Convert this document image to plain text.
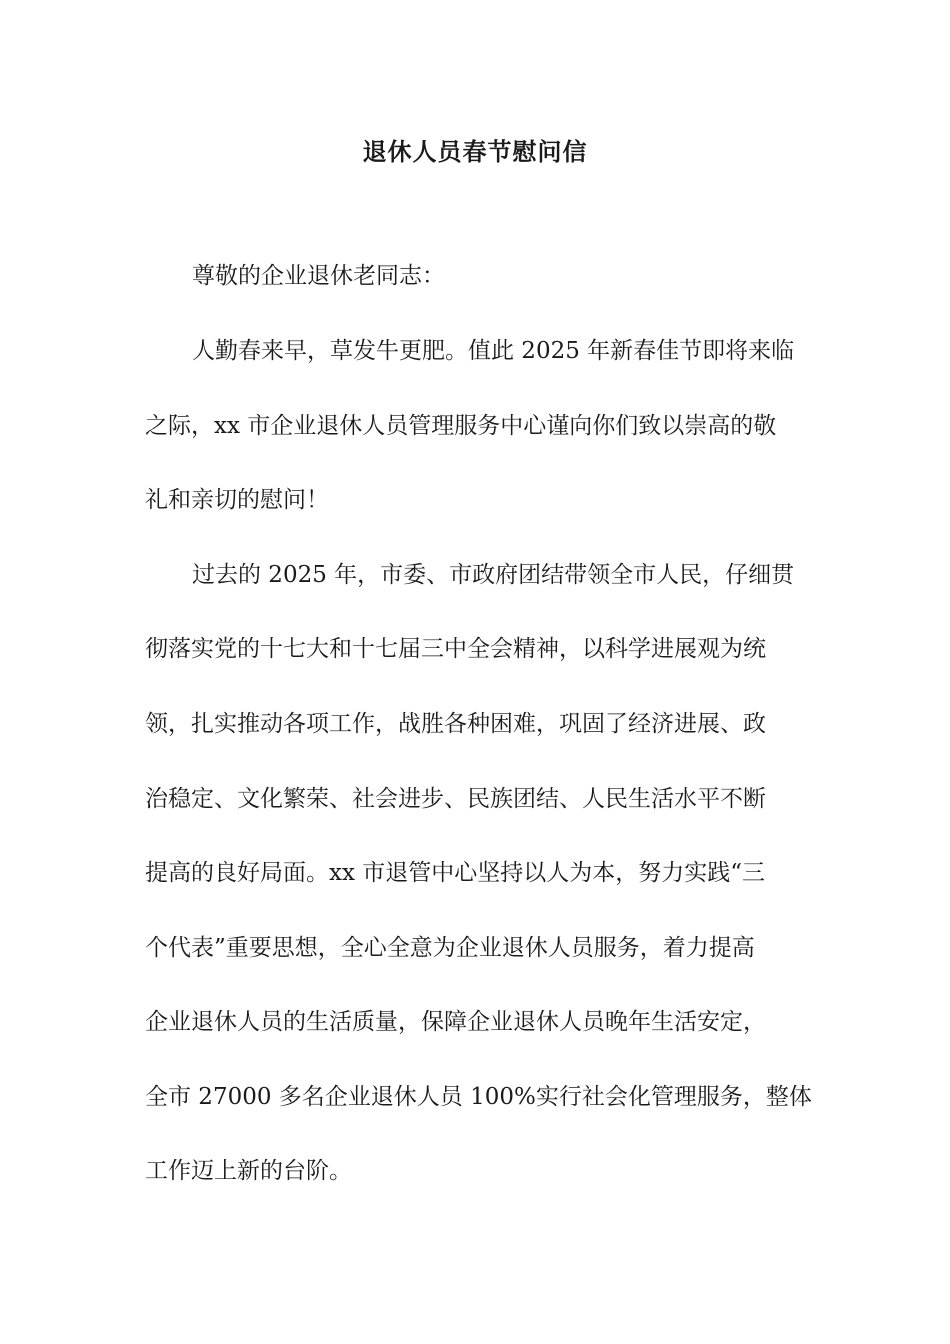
退休人员春节慰问信
尊敬的企业退休老同志：
人勤春来早，草发牛更肥。值此 2025 年新春佳节即将来临
之际，xx 市企业退休人员管理服务中心谨向你们致以崇高的敬
礼和亲切的慰问！
过去的 2025 年，市委、市政府团结带领全市人民，仔细贯
彻落实党的十七大和十七届三中全会精神，以科学进展观为统
领，扎实推动各项工作，战胜各种困难，巩固了经济进展、政
治稳定、文化繁荣、社会进步、民族团结、人民生活水平不断
提高的良好局面。xx 市退管中心坚持以人为本，努力实践“三
个代表”重要思想，全心全意为企业退休人员服务，着力提高
企业退休人员的生活质量，保障企业退休人员晚年生活安定，
全市 27000 多名企业退休人员 100%实行社会化管理服务，整体
工作迈上新的台阶。
